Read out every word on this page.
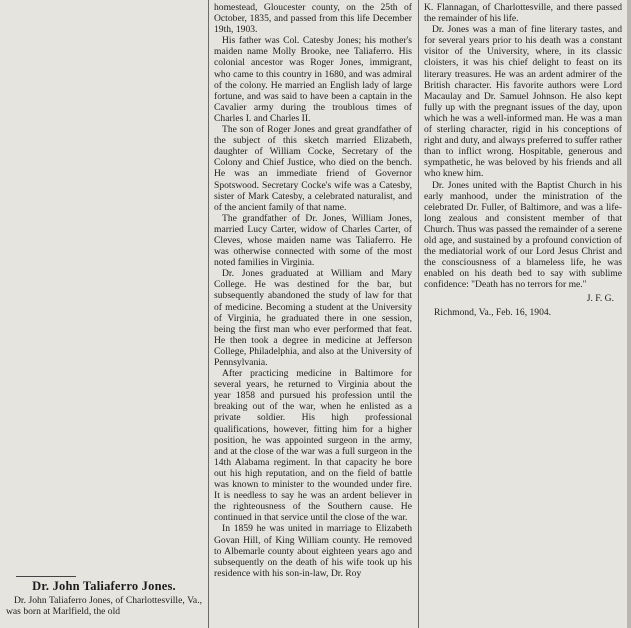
Dr. John Taliaferro Jones.

Dr. John Taliaferro Jones, of Charlottesville, Va., was born at Marlfield, the old

homestead, Gloucester county, on the 25th of October, 1835, and passed from this life December 19th, 1903.

His father was Col. Catesby Jones; his mother's maiden name Molly Brooke, nee Taliaferro. His colonial ancestor was Roger Jones, immigrant, who came to this country in 1680, and was admiral of the colony. He married an English lady of large fortune, and was said to have been a captain in the Cavalier army during the troublous times of Charles I. and Charles II.

The son of Roger Jones and great grandfather of the subject of this sketch married Elizabeth, daughter of William Cocke, Secretary of the Colony and Chief Justice, who died on the bench. He was an immediate friend of Governor Spotswood. Secretary Cocke's wife was a Catesby, sister of Mark Catesby, a celebrated naturalist, and of the ancient family of that name.

The grandfather of Dr. Jones, William Jones, married Lucy Carter, widow of Charles Carter, of Cleves, whose maiden name was Taliaferro. He was otherwise connected with some of the most noted families in Virginia.

Dr. Jones graduated at William and Mary College. He was destined for the bar, but subsequently abandoned the study of law for that of medicine. Becoming a student at the University of Virginia, he graduated there in one session, being the first man who ever performed that feat. He then took a degree in medicine at Jefferson College, Philadelphia, and also at the University of Pennsylvania.

After practicing medicine in Baltimore for several years, he returned to Virginia about the year 1858 and pursued his profession until the breaking out of the war, when he enlisted as a private soldier. His high professional qualifications, however, fitting him for a higher position, he was appointed surgeon in the army, and at the close of the war was a full surgeon in the 14th Alabama regiment. In that capacity he bore out his high reputation, and on the field of battle was known to minister to the wounded under fire. It is needless to say he was an ardent believer in the righteousness of the Southern cause. He continued in that service until the close of the war.

In 1859 he was united in marriage to Elizabeth Govan Hill, of King William county. He removed to Albemarle county about eighteen years ago and subsequently on the death of his wife took up his residence with his son-in-law, Dr. Roy

K. Flannagan, of Charlottesville, and there passed the remainder of his life.

Dr. Jones was a man of fine literary tastes, and for several years prior to his death was a constant visitor of the University, where, in its classic cloisters, it was his chief delight to feast on its literary treasures. He was an ardent admirer of the British character. His favorite authors were Lord Macaulay and Dr. Samuel Johnson. He also kept fully up with the pregnant issues of the day, upon which he was a well-informed man. He was a man of sterling character, rigid in his conceptions of right and duty, and always preferred to suffer rather than to inflict wrong. Hospitable, generous and sympathetic, he was beloved by his friends and all who knew him.

Dr. Jones united with the Baptist Church in his early manhood, under the ministration of the celebrated Dr. Fuller, of Baltimore, and was a life-long zealous and consistent member of that Church. Thus was passed the remainder of a serene old age, and sustained by a profound conviction of the mediatorial work of our Lord Jesus Christ and the consciousness of a blameless life, he was enabled on his death bed to say with sublime confidence: "Death has no terrors for me."

J. F. G.
Richmond, Va., Feb. 16, 1904.
